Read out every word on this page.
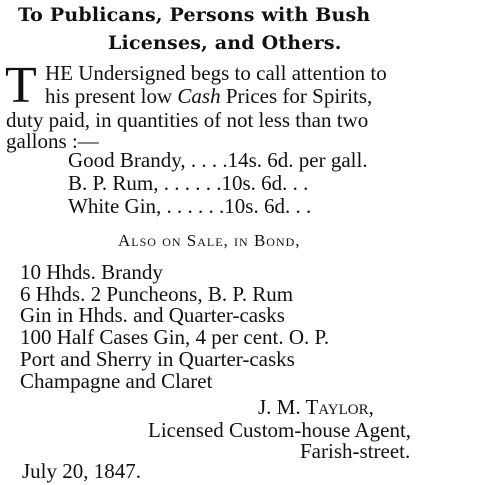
To Publicans, Persons with Bush
Licenses, and Others.
T HE Undersigned begs to call attention to
his present low Cash Prices for Spirits,
duty paid, in quantities of not less than two
gallons :—
Good Brandy, . . . .14s. 6d. per gall.
B. P. Rum, . . . . . .10s. 6d. . .
White Gin, . . . . . .10s. 6d. . .
Also on Sale, in Bond,
10 Hhds. Brandy
6 Hhds. 2 Puncheons, B. P. Rum
Gin in Hhds. and Quarter-casks
100 Half Cases Gin, 4 per cent. O. P.
Port and Sherry in Quarter-casks
Champagne and Claret
J. M. Taylor,
Licensed Custom-house Agent,
Farish-street.
July 20, 1847.
